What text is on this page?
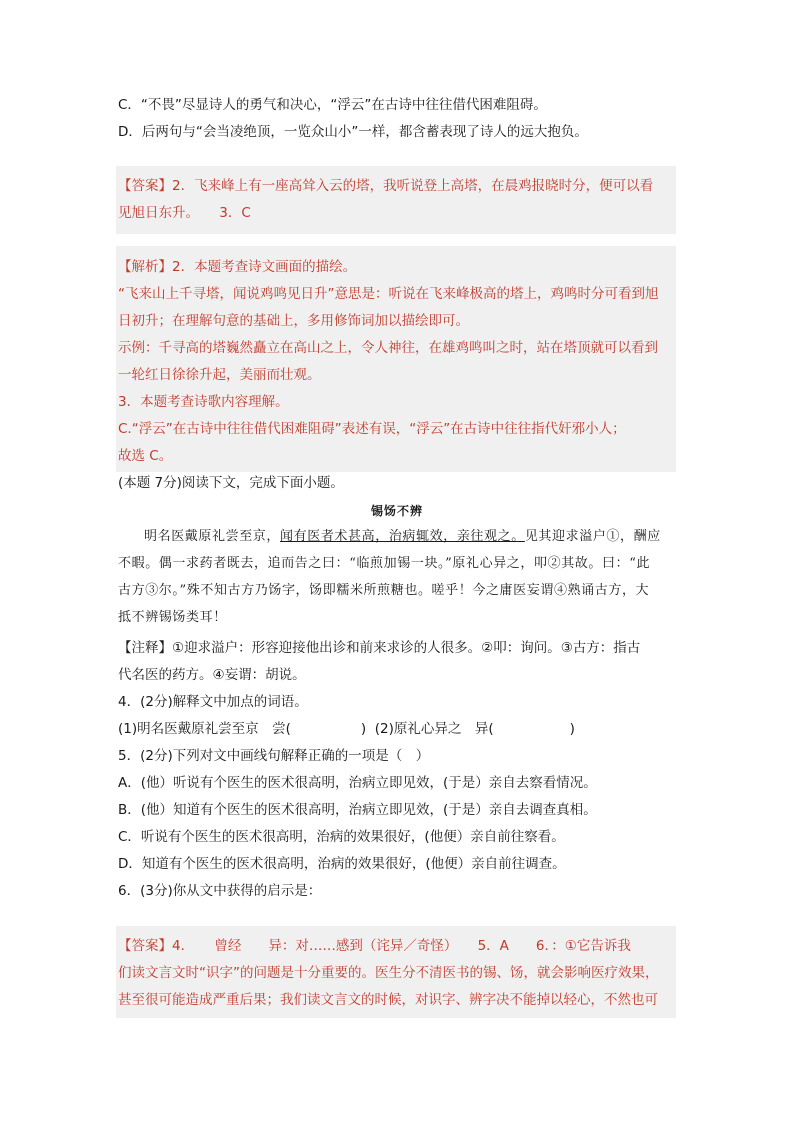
C．“不畏”尽显诗人的勇气和决心，“浮云”在古诗中往往借代困难阻碍。
D．后两句与“会当凌绝顶，一览众山小”一样，都含蓄表现了诗人的远大抱负。
【答案】2．飞来峰上有一座高耸入云的塔，我听说登上高塔，在晨鸡报晓时分，便可以看
见旭日东升。　　3．C
【解析】2．本题考查诗文画面的描绘。
“飞来山上千寻塔，闻说鸡鸣见日升”意思是：听说在飞来峰极高的塔上，鸡鸣时分可看到旭
日初升；在理解句意的基础上，多用修饰词加以描绘即可。
示例：千寻高的塔巍然矗立在高山之上，令人神往，在雄鸡鸣叫之时，站在塔顶就可以看到
一轮红日徐徐升起，美丽而壮观。
3．本题考查诗歌内容理解。
C.“浮云”在古诗中往往借代困难阻碍”表述有误，“浮云”在古诗中往往指代奸邪小人；
故选 C。
(本题 7分)阅读下文，完成下面小题。
锡饧不辨
明名医戴原礼尝至京，闻有医者术甚高，治病辄效，亲往观之。见其迎求溢户①，酬应
不暇。偶一求药者既去，追而告之曰：“临煎加锡一块。”原礼心异之，叩②其故。曰：“此
古方③尔。”殊不知古方乃饧字，饧即糯米所煎糖也。嗟乎！今之庸医妄谓④熟诵古方，大
抵不辨锡饧类耳！
【注释】①迎求溢户：形容迎接他出诊和前来求诊的人很多。②叩：询问。③古方：指古
代名医的药方。④妄谓：胡说。
4．(2分)解释文中加点的词语。
(1)明名医戴原礼尝至京　尝(	) (2)原礼心异之　异(	)
5．(2分)下列对文中画线句解释正确的一项是（　）
A．(他）听说有个医生的医术很高明，治病立即见效，(于是）亲自去察看情况。
B．(他）知道有个医生的医术很高明，治病立即见效，(于是）亲自去调查真相。
C．听说有个医生的医术很高明，治病的效果很好，(他便）亲自前往察看。
D．知道有个医生的医术很高明，治病的效果很好，(他便）亲自前往调查。
6．(3分)你从文中获得的启示是：
【答案】4．　　曾经　　异：对……感到（诧异／奇怪）　　5．A　　6．：①它告诉我
们读文言文时“识字”的问题是十分重要的。医生分不清医书的锡、饧，就会影响医疗效果，
甚至很可能造成严重后果；我们读文言文的时候，对识字、辨字决不能掉以轻心，不然也可
